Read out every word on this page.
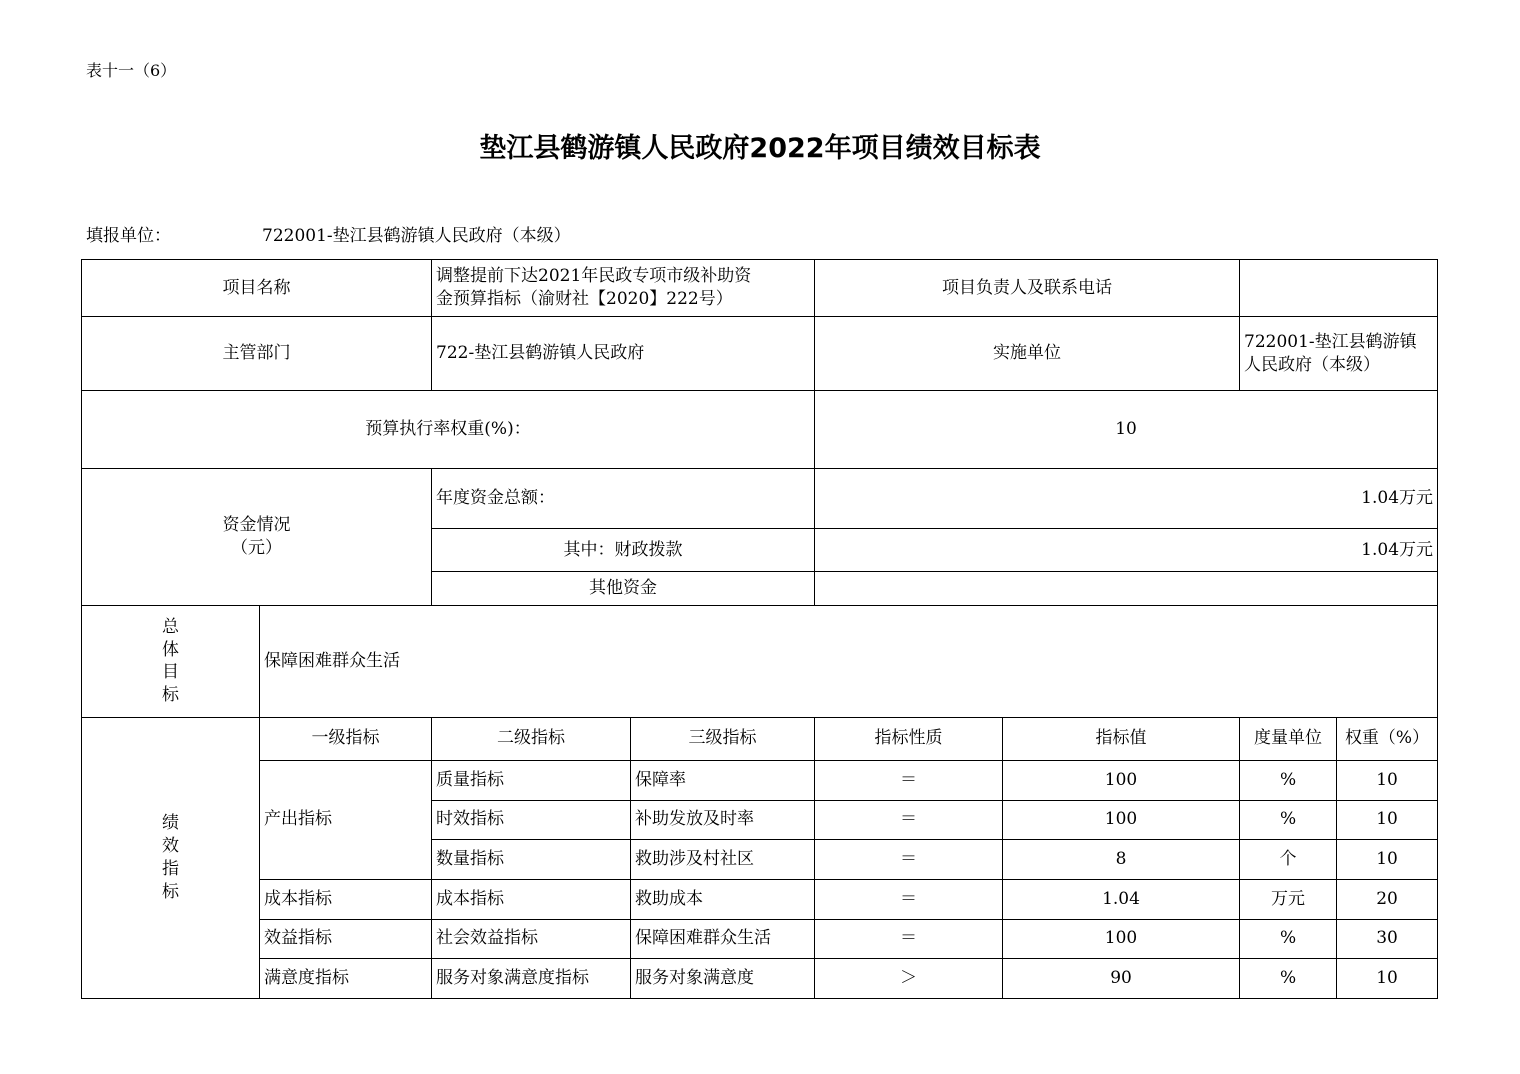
表十一（6）
垫江县鹤游镇人民政府2022年项目绩效目标表
填报单位：	722001-垫江县鹤游镇人民政府（本级）
项目名称		调整提前下达2021年民政专项市级补助资
金预算指标（渝财社【2020】222号）		项目负责人及联系电话			
主管部门		722-垫江县鹤游镇人民政府		实施单位		722001-垫江县鹤游镇
人民政府（本级）	
预算执行率权重(%)：				10			
资金情况
（元）		年度资金总额：		1.04万元			
		其中：财政拨款		1.04万元			
		其他资金					

总
体
目
标	保障困难群众生活						

绩
效
指
标	一级指标	二级指标	三级指标	指标性质	指标值	度量单位	权重（%）
	产出指标	质量指标	保障率	＝	100	%	10
		时效指标	补助发放及时率	＝	100	%	10
		数量指标	救助涉及村社区	＝	8	个	10
	成本指标	成本指标	救助成本	＝	1.04	万元	20
	效益指标	社会效益指标	保障困难群众生活	＝	100	%	30
	满意度指标	服务对象满意度指标	服务对象满意度	＞	90	%	10
